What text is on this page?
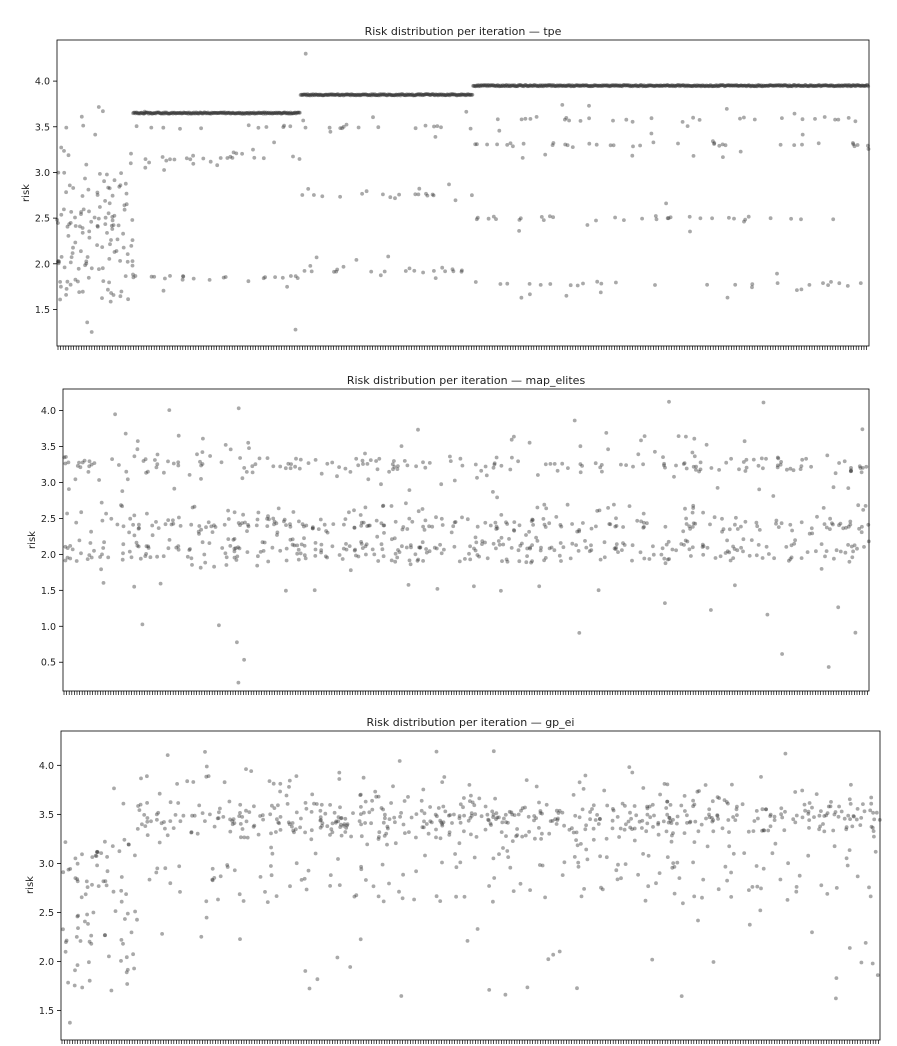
Risk distribution per iteration — tpe
risk
1.5
2.0
2.5
3.0
3.5
4.0
Risk distribution per iteration — map_elites
risk
0.5
1.0
1.5
2.0
2.5
3.0
3.5
4.0
Risk distribution per iteration — gp_ei
risk
1.5
2.0
2.5
3.0
3.5
4.0
